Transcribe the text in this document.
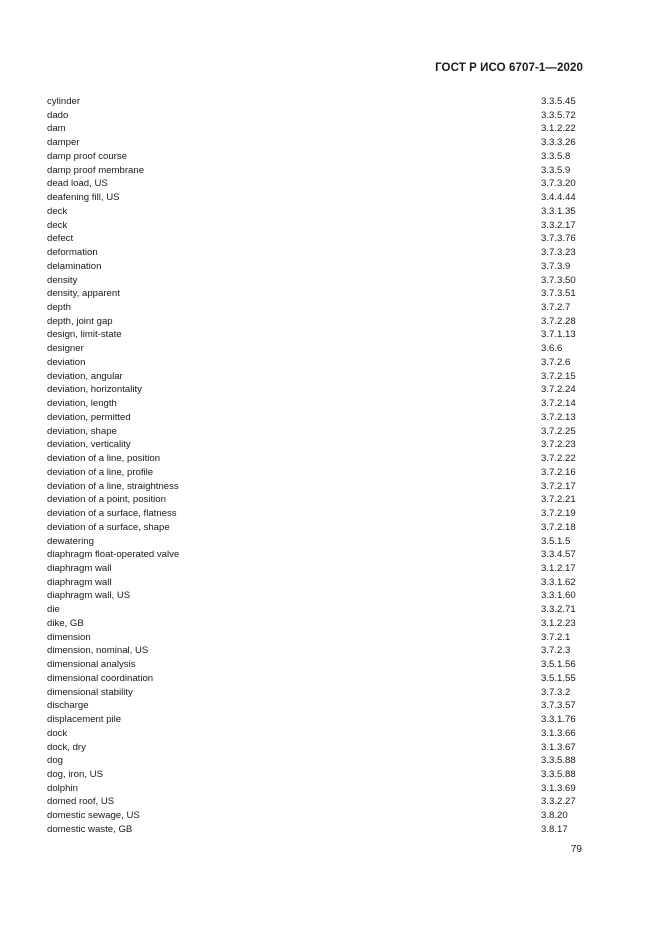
ГОСТ Р ИСО 6707-1—2020
cylinder	3.3.5.45
dado	3.3.5.72
dam	3.1.2.22
damper	3.3.3.26
damp proof course	3.3.5.8
damp proof membrane	3.3.5.9
dead load, US	3.7.3.20
deafening fill, US	3.4.4.44
deck	3.3.1.35
deck	3.3.2.17
defect	3.7.3.76
deformation	3.7.3.23
delamination	3.7.3.9
density	3.7.3.50
density, apparent	3.7.3.51
depth	3.7.2.7
depth, joint gap	3.7.2.28
design, limit-state	3.7.1.13
designer	3.6.6
deviation	3.7.2.6
deviation, angular	3.7.2.15
deviation, horizontality	3.7.2.24
deviation, length	3.7.2.14
deviation, permitted	3.7.2.13
deviation, shape	3.7.2.25
deviation, verticality	3.7.2.23
deviation of a line, position	3.7.2.22
deviation of a line, profile	3.7.2.16
deviation of a line, straightness	3.7.2.17
deviation of a point, position	3.7.2.21
deviation of a surface, flatness	3.7.2.19
deviation of a surface, shape	3.7.2.18
dewatering	3.5.1.5
diaphragm float-operated valve	3.3.4.57
diaphragm wall	3.1.2.17
diaphragm wall	3.3.1.62
diaphragm wall, US	3.3.1.60
die	3.3.2.71
dike, GB	3.1.2.23
dimension	3.7.2.1
dimension, nominal, US	3.7.2.3
dimensional analysis	3.5.1.56
dimensional coordination	3.5.1.55
dimensional stability	3.7.3.2
discharge	3.7.3.57
displacement pile	3.3.1.76
dock	3.1.3.66
dock, dry	3.1.3.67
dog	3.3.5.88
dog, iron, US	3.3.5.88
dolphin	3.1.3.69
domed roof, US	3.3.2.27
domestic sewage, US	3.8.20
domestic waste, GB	3.8.17
79
